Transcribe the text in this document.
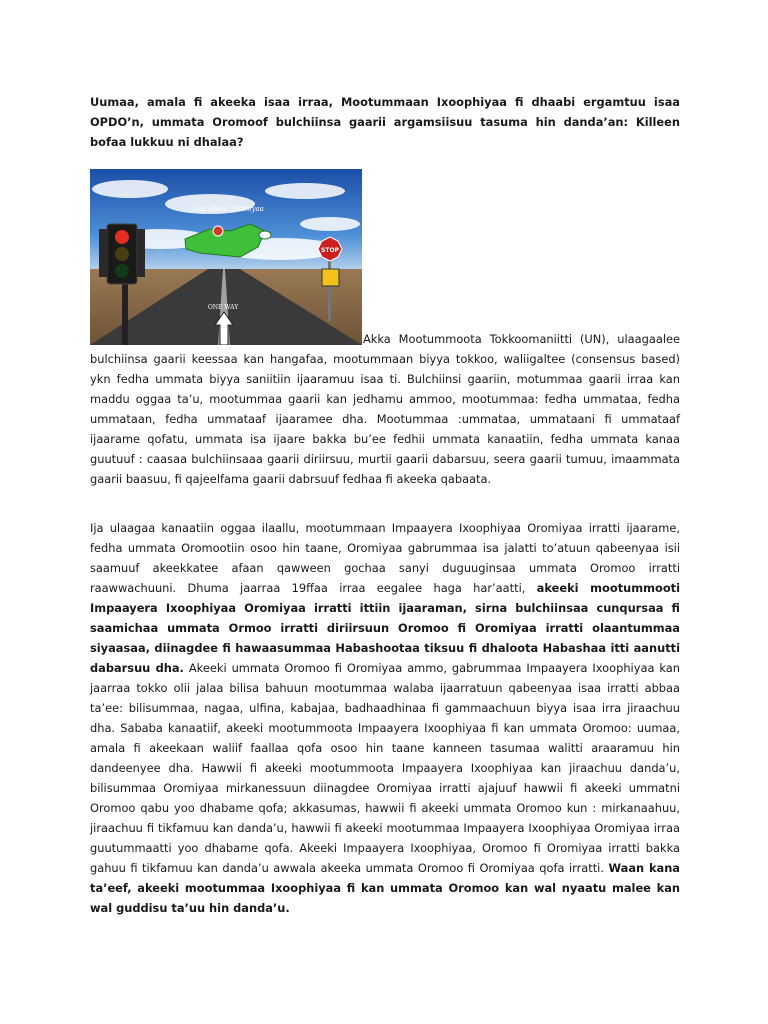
Uumaa, amala fi akeeka isaa irraa, Mootummaan Ixoophiyaa fi dhaabi ergamtuu isaa OPDO’n, ummata Oromoof bulchiinsa gaarii argamsiisuu tasuma hin danda’an: Killeen bofaa lukkuu ni dhalaa?
God Bless Oromiyaa
STOP
ONE WAY
Akka Mootummoota Tokkoomaniitti (UN), ulaagaalee

bulchiinsa gaarii keessaa kan hangafaa, mootummaan biyya tokkoo, waliigaltee (consensus based) ykn fedha ummata biyya saniitiin ijaaramuu isaa ti. Bulchiinsi gaariin, motummaa gaarii irraa kan maddu oggaa ta’u, mootummaa gaarii kan jedhamu ammoo, mootummaa: fedha ummataa, fedha ummataan, fedha ummataaf ijaaramee dha. Mootummaa :ummataa, ummataani fi ummataaf ijaarame qofatu, ummata isa ijaare bakka bu’ee fedhii ummata kanaatiin, fedha ummata kanaa guutuuf : caasaa bulchiinsaaa gaarii diriirsuu, murtii gaarii dabarsuu, seera gaarii tumuu, imaammata gaarii baasuu, fi qajeelfama gaarii dabrsuuf fedhaa fi akeeka qabaata.

Ija ulaagaa kanaatiin oggaa ilaallu, mootummaan Impaayera Ixoophiyaa Oromiyaa irratti ijaarame, fedha ummata Oromootiin osoo hin taane, Oromiyaa gabrummaa isa jalatti to’atuun qabeenyaa isii saamuuf akeekkatee afaan qawween gochaa sanyi duguuginsaa ummata Oromoo irratti raawwachuuni. Dhuma jaarraa 19ffaa irraa eegalee haga har’aatti, akeeki mootummooti Impaayera Ixoophiyaa Oromiyaa irratti ittiin ijaaraman, sirna bulchiinsaa cunqursaa fi saamichaa ummata Ormoo irratti diriirsuun Oromoo fi Oromiyaa irratti olaantummaa siyaasaa, diinagdee fi hawaasummaa Habashootaa tiksuu fi dhaloota Habashaa itti aanutti dabarsuu dha. Akeeki ummata Oromoo fi Oromiyaa ammo, gabrummaa Impaayera Ixoophiyaa kan jaarraa tokko olii jalaa bilisa bahuun mootummaa walaba ijaarratuun qabeenyaa isaa irratti abbaa ta’ee: bilisummaa, nagaa, ulfina, kabajaa, badhaadhinaa fi gammaachuun biyya isaa irra jiraachuu dha. Sababa kanaatiif, akeeki mootummoota Impaayera Ixoophiyaa fi kan ummata Oromoo: uumaa, amala fi akeekaan waliif faallaa qofa osoo hin taane kanneen tasumaa walitti araaramuu hin dandeenyee dha. Hawwii fi akeeki mootummoota Impaayera Ixoophiyaa kan jiraachuu danda’u, bilisummaa Oromiyaa mirkanessuun diinagdee Oromiyaa irratti ajajuuf hawwii fi akeeki ummatni Oromoo qabu yoo dhabame qofa; akkasumas, hawwii fi akeeki ummata Oromoo kun : mirkanaahuu, jiraachuu fi tikfamuu kan danda’u, hawwii fi akeeki mootummaa Impaayera Ixoophiyaa Oromiyaa irraa guutummaatti yoo dhabame qofa. Akeeki Impaayera Ixoophiyaa, Oromoo fi Oromiyaa irratti bakka gahuu fi tikfamuu kan danda’u awwala akeeka ummata Oromoo fi Oromiyaa qofa irratti. Waan kana ta’eef, akeeki mootummaa Ixoophiyaa fi kan ummata Oromoo kan wal nyaatu malee kan wal guddisu ta’uu hin danda’u.
